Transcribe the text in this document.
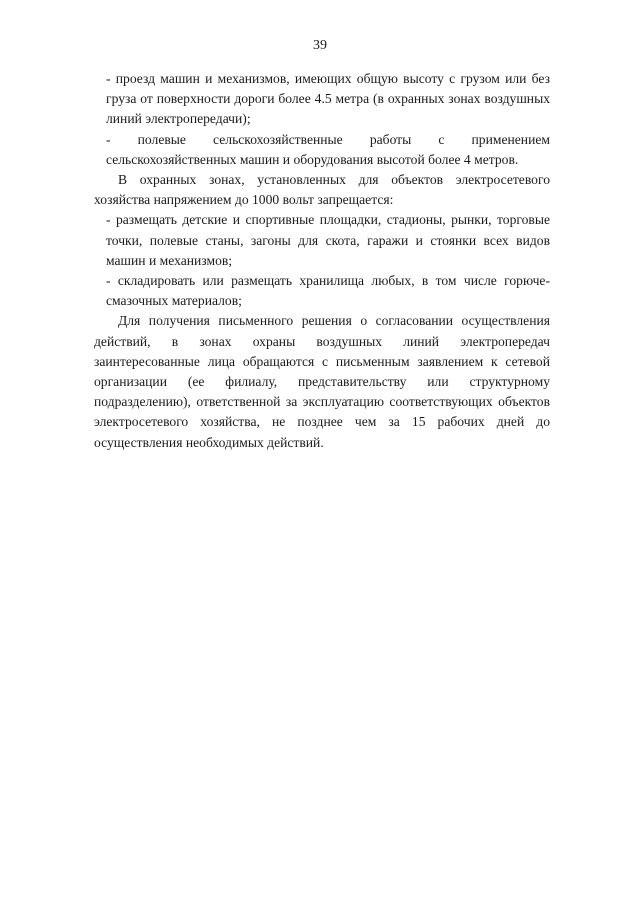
39
- проезд машин и механизмов, имеющих общую высоту с грузом или без
груза от поверхности дороги более 4.5 метра (в охранных зонах воздушных линий электропередачи);
- полевые сельскохозяйственные работы с применением
сельскохозяйственных машин и оборудования высотой более 4 метров.

В охранных зонах, установленных для объектов электросетевого хозяйства напряжением до 1000 вольт запрещается:

- размещать детские и спортивные площадки, стадионы, рынки, торговые
точки, полевые станы, загоны для скота, гаражи и стоянки всех видов машин и механизмов;
- складировать или размещать хранилища любых, в том числе горюче-
смазочных материалов;

Для получения письменного решения о согласовании осуществления действий, в зонах охраны воздушных линий электропередач заинтересованные лица обращаются с письменным заявлением к сетевой организации (ее филиалу, представительству или структурному подразделению), ответственной за эксплуатацию соответствующих объектов электросетевого хозяйства, не позднее чем за 15 рабочих дней до осуществления необходимых действий.
